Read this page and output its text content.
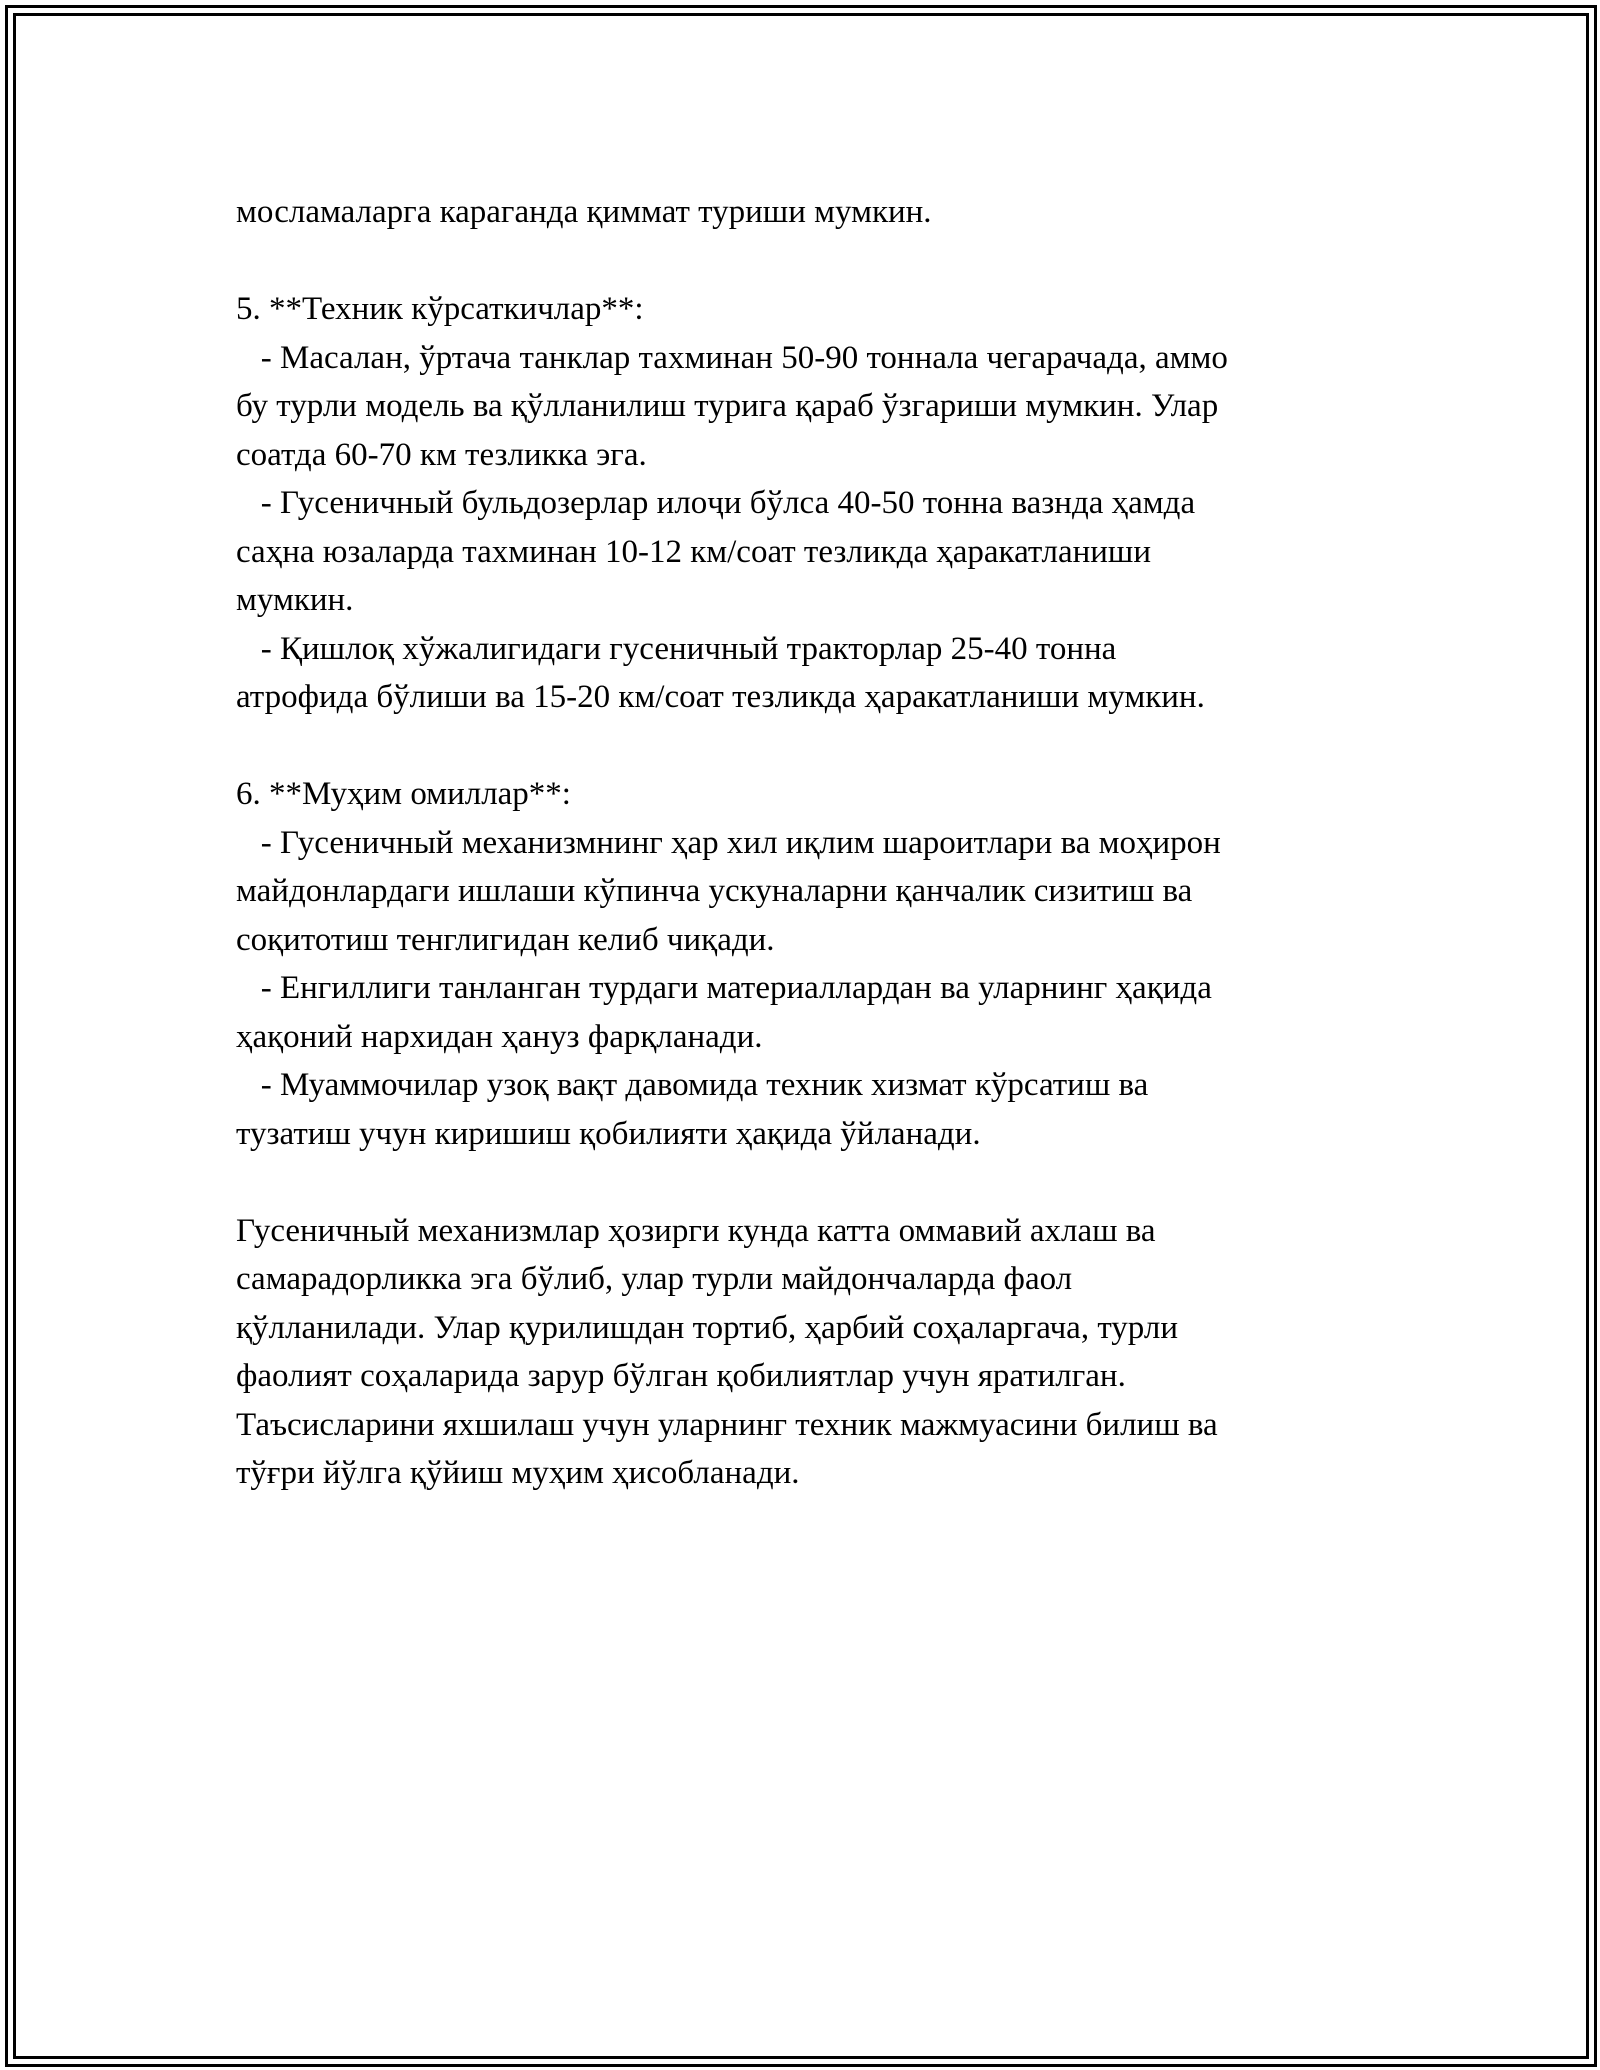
мосламаларга караганда қиммат туриши мумкин.
5. **Техник кўрсаткичлар**:
- Масалан, ўртача танклар тахминан 50-90 тоннала чегарачада, аммо
бу турли модель ва қўлланилиш турига қараб ўзгариши мумкин. Улар
соатда 60-70 км тезликка эга.
- Гусеничный бульдозерлар илоҷи бўлса 40-50 тонна вазнда ҳамда
саҳна юзаларда тахминан 10-12 км/соат тезликда ҳаракатланиши
мумкин.
- Қишлоқ хўжалигидаги гусеничный тракторлар 25-40 тонна
атрофида бўлиши ва 15-20 км/соат тезликда ҳаракатланиши мумкин.
6. **Муҳим омиллар**:
- Гусеничный механизмнинг ҳар хил иқлим шароитлари ва моҳирон
майдонлардаги ишлаши кўпинча ускуналарни қанчалик сизитиш ва
соқитотиш тенглигидан келиб чиқади.
- Енгиллиги танланган турдаги материаллардан ва уларнинг ҳақида
ҳақоний нархидан ҳануз фарқланади.
- Муаммочилар узоқ вақт давомида техник хизмат кўрсатиш ва
тузатиш учун киришиш қобилияти ҳақида ўйланади.
Гусеничный механизмлар ҳозирги кунда катта оммавий ахлаш ва
самарадорликка эга бўлиб, улар турли майдончаларда фаол
қўлланилади. Улар қурилишдан тортиб, ҳарбий соҳаларгача, турли
фаолият соҳаларида зарур бўлган қобилиятлар учун яратилган.
Таъсисларини яхшилаш учун уларнинг техник мажмуасини билиш ва
тўғри йўлга қўйиш муҳим ҳисобланади.
